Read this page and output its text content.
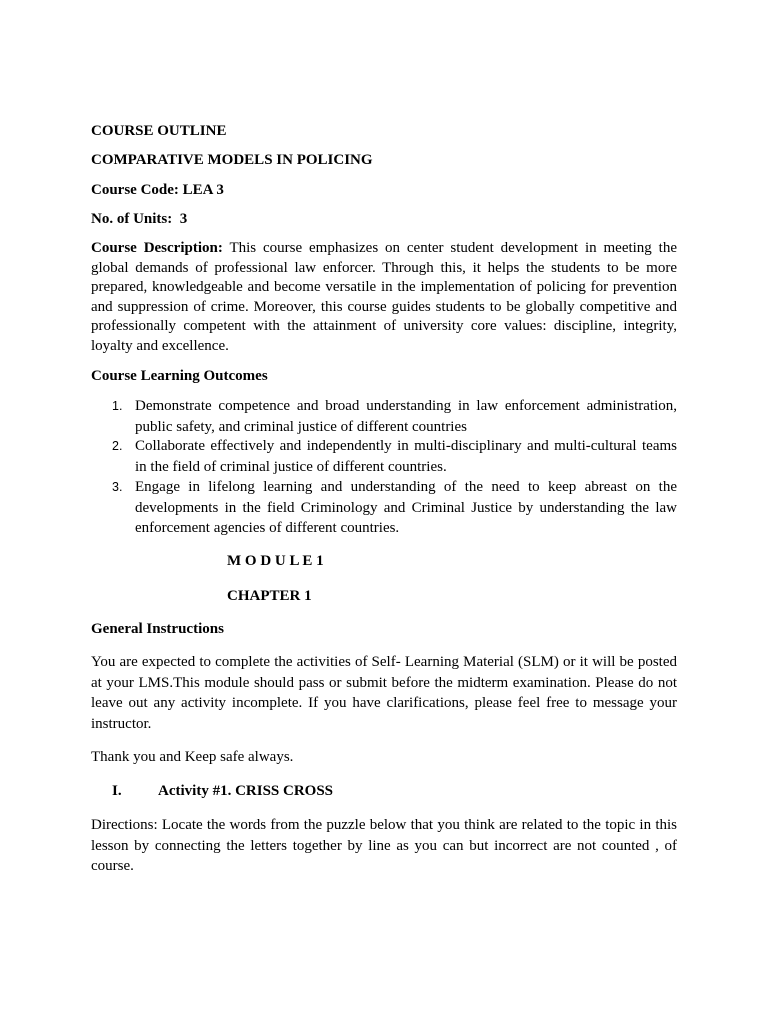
COURSE OUTLINE
COMPARATIVE MODELS IN POLICING
Course Code: LEA 3
No. of Units:  3
Course Description: This course emphasizes on center student development in meeting the
global demands of professional law enforcer. Through this, it helps the students to be more
prepared, knowledgeable and become versatile in the implementation of policing for prevention
and suppression of crime. Moreover, this course guides students to be globally competitive and
professionally competent with the attainment of university core values: discipline, integrity,
loyalty and excellence.
Course Learning Outcomes
1. Demonstrate competence and broad understanding in law enforcement administration,
public safety, and criminal justice of different countries
2. Collaborate effectively and independently in multi-disciplinary and multi-cultural teams
in the field of criminal justice of different countries.
3. Engage in lifelong learning and understanding of the need to keep abreast on the
developments in the field Criminology and Criminal Justice by understanding the law
enforcement agencies of different countries.
M O D U L E 1
CHAPTER 1
General Instructions
You are expected to complete the activities of Self- Learning Material (SLM) or it will be posted
at your LMS.This module should pass or submit before the midterm examination. Please do not
leave out any activity incomplete. If you have clarifications, please feel free to message your
instructor.
Thank you and Keep safe always.
I. Activity #1. CRISS CROSS
Directions: Locate the words from the puzzle below that you think are related to the topic in this
lesson by connecting the letters together by line as you can but incorrect are not counted , of
course.
